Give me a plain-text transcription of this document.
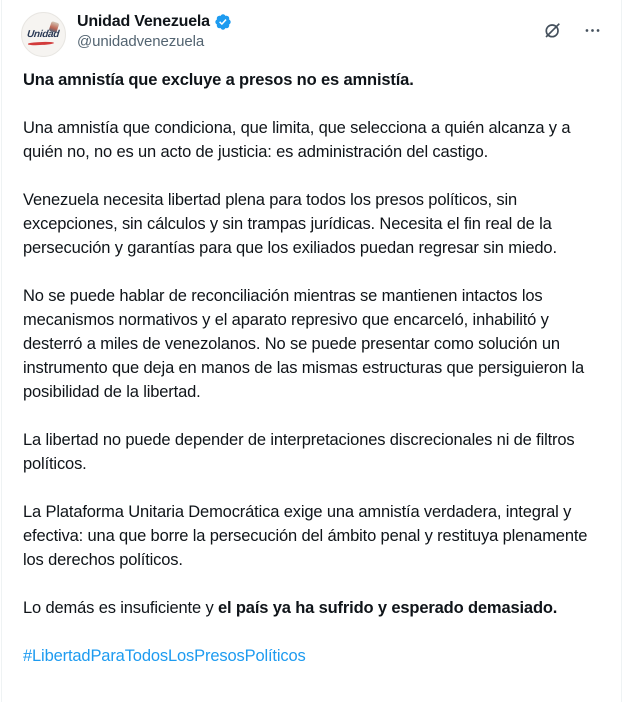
Unidad
Unidad Venezuela
@unidadvenezuela

Una amnistía que excluye a presos no es amnistía.

Una amnistía que condiciona, que limita, que selecciona a quién alcanza y a quién no, no es un acto de justicia: es administración del castigo.

Venezuela necesita libertad plena para todos los presos políticos, sin excepciones, sin cálculos y sin trampas jurídicas. Necesita el fin real de la persecución y garantías para que los exiliados puedan regresar sin miedo.

No se puede hablar de reconciliación mientras se mantienen intactos los mecanismos normativos y el aparato represivo que encarceló, inhabilitó y desterró a miles de venezolanos. No se puede presentar como solución un instrumento que deja en manos de las mismas estructuras que persiguieron la posibilidad de la libertad.

La libertad no puede depender de interpretaciones discrecionales ni de filtros políticos.

La Plataforma Unitaria Democrática exige una amnistía verdadera, integral y efectiva: una que borre la persecución del ámbito penal y restituya plenamente los derechos políticos.

Lo demás es insuficiente y el país ya ha sufrido y esperado demasiado.

#LibertadParaTodosLosPresosPolíticos
